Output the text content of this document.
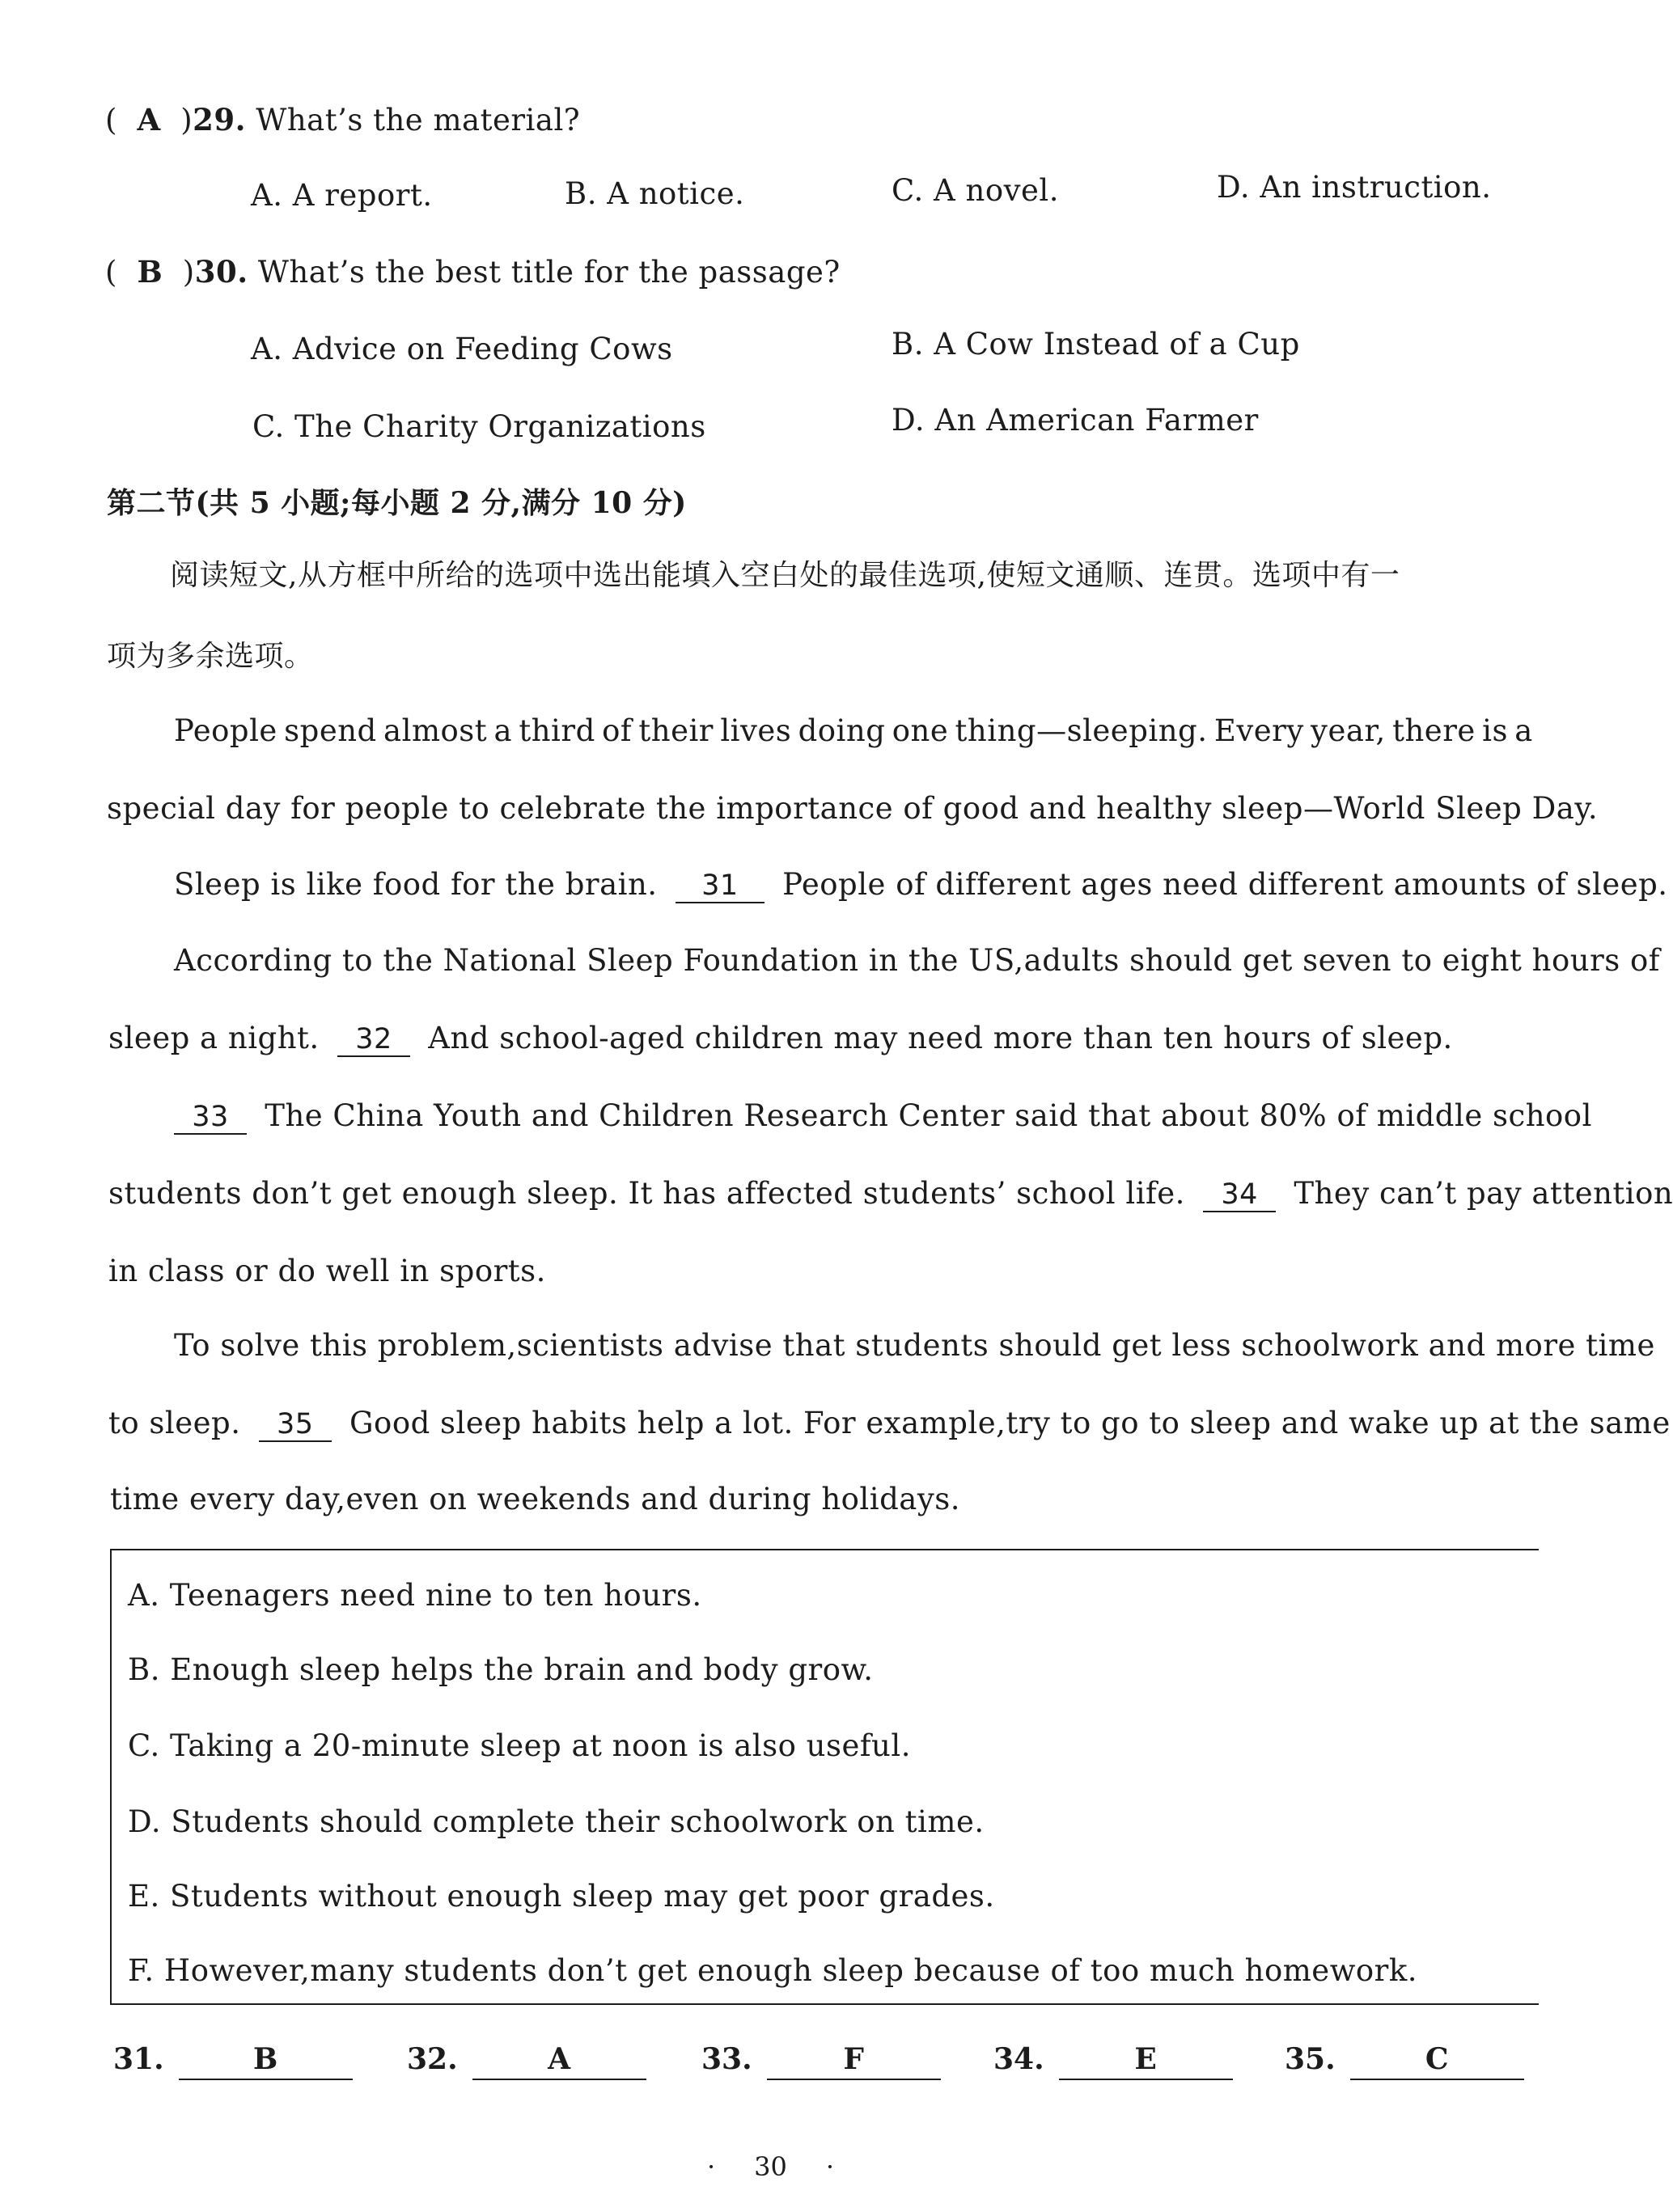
(  A  )29. What’s the material?
A. A report.	B. A notice.	C. A novel.	D. An instruction.
(  B  )30. What’s the best title for the passage?
A. Advice on Feeding Cows	B. A Cow Instead of a Cup
C. The Charity Organizations	D. An American Farmer
第二节(共 5 小题;每小题 2 分,满分 10 分)
阅读短文,从方框中所给的选项中选出能填入空白处的最佳选项,使短文通顺、连贯。选项中有一
项为多余选项。
People spend almost a third of their lives doing one thing—sleeping. Every year, there is a
special day for people to celebrate the importance of good and healthy sleep—World Sleep Day.
Sleep is like food for the brain. 31 People of different ages need different amounts of sleep.
According to the National Sleep Foundation in the US,adults should get seven to eight hours of
sleep a night. 32 And school-aged children may need more than ten hours of sleep.
33 The China Youth and Children Research Center said that about 80% of middle school
students don’t get enough sleep. It has affected students’ school life. 34 They can’t pay attention
in class or do well in sports.
To solve this problem,scientists advise that students should get less schoolwork and more time
to sleep. 35 Good sleep habits help a lot. For example,try to go to sleep and wake up at the same
time every day,even on weekends and during holidays.
A. Teenagers need nine to ten hours.
B. Enough sleep helps the brain and body grow.
C. Taking a 20-minute sleep at noon is also useful.
D. Students should complete their schoolwork on time.
E. Students without enough sleep may get poor grades.
F. However,many students don’t get enough sleep because of too much homework.
31.	B	32.	A	33.	F	34.	E	35.	C
· 30 ·
